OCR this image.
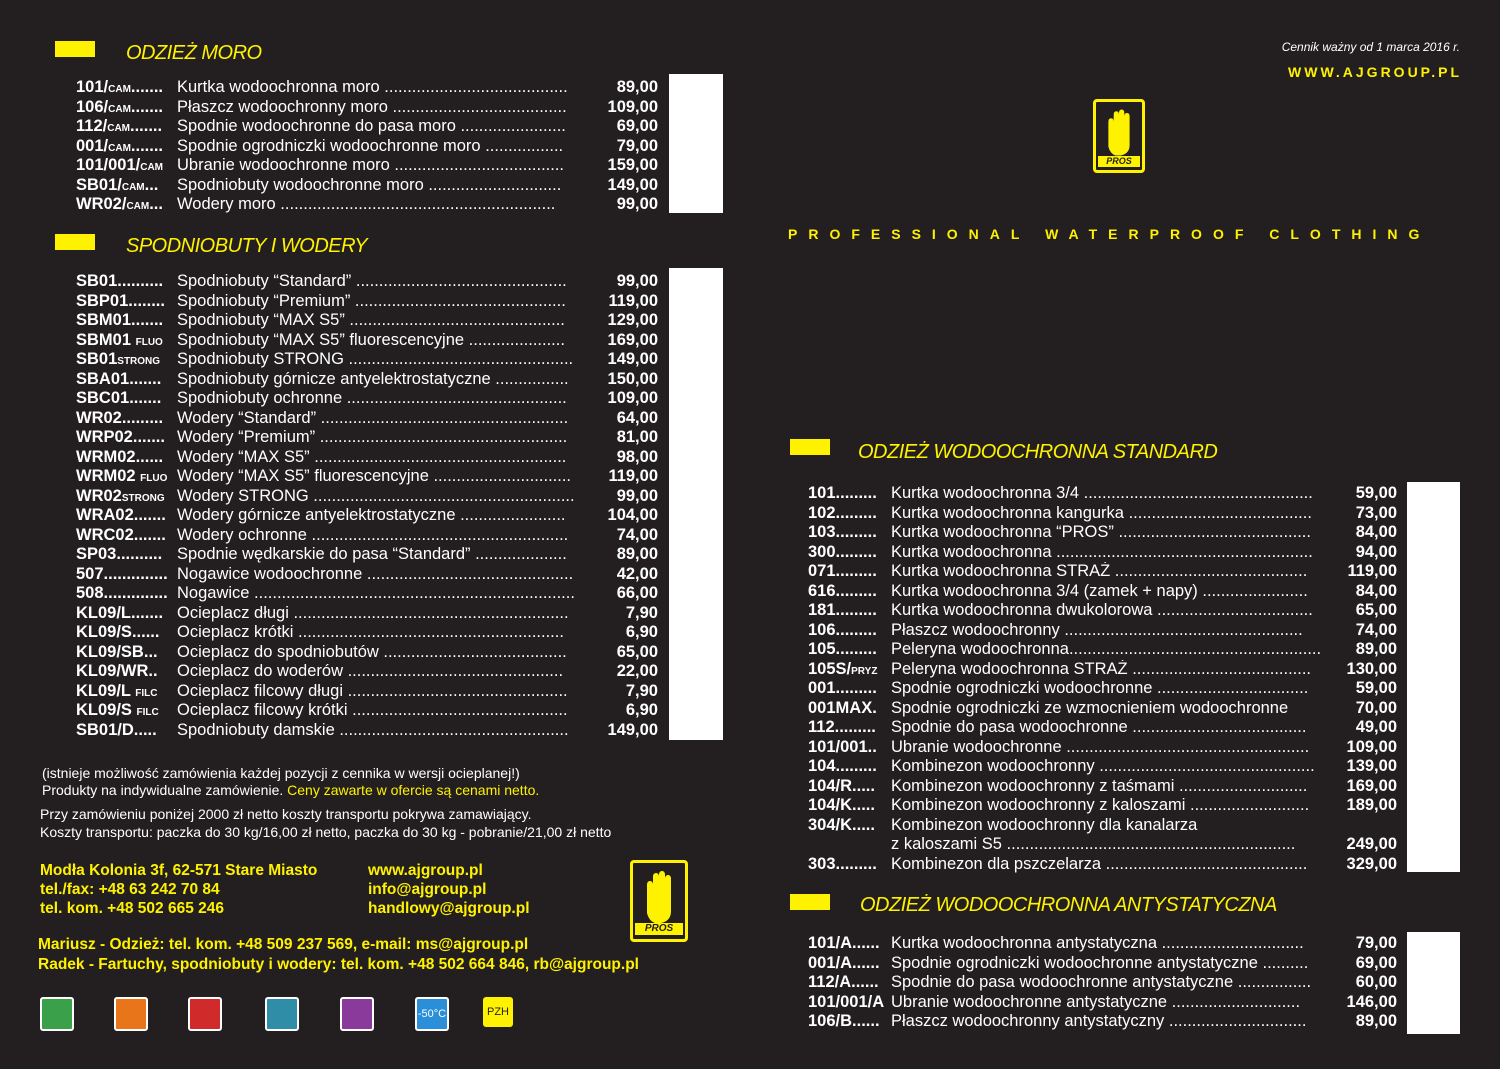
ODZIEŻ MORO
101/CAM....... Kurtka wodoochronna moro ........................................	89,00
106/CAM....... Płaszcz wodoochronny moro ......................................	109,00
112/CAM....... Spodnie wodoochronne do pasa moro .......................	69,00
001/CAM....... Spodnie ogrodniczki wodoochronne moro .................	79,00
101/001/CAM Ubranie wodoochronne moro .....................................	159,00
SB01/CAM... Spodniobuty wodoochronne moro .............................	149,00
WR02/CAM... Wodery moro ............................................................	99,00
SPODNIOBUTY I WODERY
SB01.......... Spodniobuty “Standard” ..............................................	99,00
SBP01........ Spodniobuty “Premium” ..............................................	119,00
SBM01....... Spodniobuty “MAX S5” ...............................................	129,00
SBM01 FLUO Spodniobuty “MAX S5” fluorescencyjne .....................	169,00
SB01STRONG Spodniobuty STRONG .................................................	149,00
SBA01....... Spodniobuty górnicze antyelektrostatyczne ................	150,00
SBC01....... Spodniobuty ochronne ................................................	109,00
WR02......... Wodery “Standard” ......................................................	64,00
WRP02....... Wodery “Premium” ......................................................	81,00
WRM02...... Wodery “MAX S5” .......................................................	98,00
WRM02 FLUO Wodery “MAX S5” fluorescencyjne ..............................	119,00
WR02STRONG Wodery STRONG .........................................................	99,00
WRA02....... Wodery górnicze antyelektrostatyczne .......................	104,00
WRC02....... Wodery ochronne ........................................................	74,00
SP03.......... Spodnie wędkarskie do pasa “Standard” ....................	89,00
507.............. Nogawice wodoochronne .............................................	42,00
508.............. Nogawice ......................................................................	66,00
KL09/L....... Ocieplacz długi ............................................................	7,90
KL09/S...... Ocieplacz krótki ..........................................................	6,90
KL09/SB... Ocieplacz do spodniobutów ........................................	65,00
KL09/WR.. Ocieplacz do woderów ...............................................	22,00
KL09/L FILC Ocieplacz filcowy długi ................................................	7,90
KL09/S FILC Ocieplacz filcowy krótki ...............................................	6,90
SB01/D..... Spodniobuty damskie ..................................................	149,00
(istnieje możliwość zamówienia każdej pozycji z cennika w wersji ocieplanej!)
Produkty na indywidualne zamówienie. Ceny zawarte w ofercie są cenami netto.
Przy zamówieniu poniżej 2000 zł netto koszty transportu pokrywa zamawiający.
Koszty transportu: paczka do 30 kg/16,00 zł netto, paczka do 30 kg - pobranie/21,00 zł netto
Modła Kolonia 3f, 62-571 Stare Miasto
tel./fax: +48 63 242 70 84
tel. kom. +48 502 665 246
www.ajgroup.pl
info@ajgroup.pl
handlowy@ajgroup.pl
Mariusz - Odzież: tel. kom. +48 509 237 569, e-mail: ms@ajgroup.pl
Radek - Fartuchy, spodniobuty i wodery: tel. kom. +48 502 664 846, rb@ajgroup.pl
PROS
-50°C	PZH
Cennik ważny od 1 marca 2016 r.
WWW.AJGROUP.PL
PROS
PROFESSIONAL WATERPROOF CLOTHING
ODZIEŻ WODOOCHRONNA STANDARD
101......... Kurtka wodoochronna 3/4 ..................................................	59,00
102......... Kurtka wodoochronna kangurka ........................................	73,00
103......... Kurtka wodoochronna “PROS” ..........................................	84,00
300......... Kurtka wodoochronna ........................................................	94,00
071......... Kurtka wodoochronna STRAŻ ..........................................	119,00
616......... Kurtka wodoochronna 3/4 (zamek + napy) .......................	84,00
181......... Kurtka wodoochronna dwukolorowa ..................................	65,00
106......... Płaszcz wodoochronny ....................................................	74,00
105......... Peleryna wodoochronna.......................................................	89,00
105S/PRYZ Peleryna wodoochronna STRAŻ .......................................	130,00
001......... Spodnie ogrodniczki wodoochronne .................................	59,00
001MAX. Spodnie ogrodniczki ze wzmocnieniem wodoochronne	70,00
112......... Spodnie do pasa wodoochronne ......................................	49,00
101/001.. Ubranie wodoochronne .....................................................	109,00
104......... Kombinezon wodoochronny ...............................................	139,00
104/R..... Kombinezon wodoochronny z taśmami ............................	169,00
104/K..... Kombinezon wodoochronny z kaloszami ..........................	189,00
304/K..... Kombinezon wodoochronny dla kanalarza
z kaloszami S5 ...............................................................	249,00
303......... Kombinezon dla pszczelarza ............................................	329,00
ODZIEŻ WODOOCHRONNA ANTYSTATYCZNA
101/A...... Kurtka wodoochronna antystatyczna ...............................	79,00
001/A...... Spodnie ogrodniczki wodoochronne antystatyczne ..........	69,00
112/A...... Spodnie do pasa wodoochronne antystatyczne ................	60,00
101/001/A Ubranie wodoochronne antystatyczne ............................	146,00
106/B...... Płaszcz wodoochronny antystatyczny ..............................	89,00
